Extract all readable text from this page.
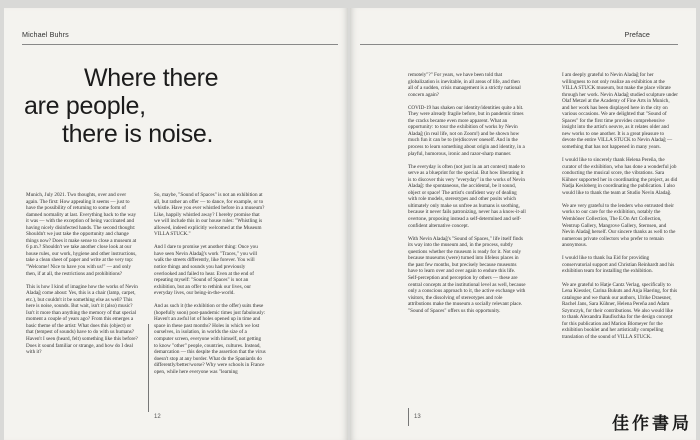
Michael Buhrs
Where there
are people,
there is noise.

Munich, July 2021. Two thoughts, over and over again. The first: How appealing it seems — just to have the possibility of returning to some form of damned normality at last. Everything back to the way it was — with the exception of being vaccinated and having nicely disinfected hands. The second thought: Shouldn't we just take the opportunity and change things now? Does it make sense to close a museum at 6 p.m.? Shouldn't we take another close look at our house rules, our work, hygiene and other instructions, take a clean sheet of paper and write at the very top: "Welcome! Nice to have you with us!" — and only then, if at all, the restrictions and prohibitions?

This is how I kind of imagine how the works of Nevin Aladağ come about: Yes, this is a chair (lamp, carpet, etc.), but couldn't it be something else as well? This here is noise, sounds. But wait, isn't it (also) music? Isn't it more than anything the memory of that special moment a couple of years ago? From this emerges a basic theme of the artist: What does this (object) or that (tempest of sounds) have to do with us humans? Haven't I seen (heard, felt) something like this before? Does it sound familiar or strange, and how do I deal with it?

So, maybe, "Sound of Spaces" is not an exhibition at all, but rather an offer — to dance, for example, or to whistle. Have you ever whistled before in a museum? Like, happily whistled away? I hereby promise that we will include this in our house rules: "Whistling is allowed, indeed explicitly welcomed at the Museum VILLA STUCK."

And I dare to promise yet another thing: Once you have seen Nevin Aladağ's work "Traces," you will walk the streets differently, like forever. You will notice things and sounds you had previously overlooked and failed to hear. Even at the end of repeating myself: "Sound of Spaces" is not an exhibition, but an offer to rethink our lives, our everyday lives, our being-in-the-world.

And as such it (the exhibition or the offer) suits these (hopefully soon) post-pandemic times just fabulously: Haven't an awful lot of holes opened up in time and space in these past months? Holes in which we lost ourselves, in isolation, in worlds the size of a computer screen, everyone with himself, not getting to know "other" people, countries, cultures. Instead, demarcation — this despite the assertion that the virus doesn't stop at any border. What do the Spaniards do differently/better/worse? Why were schools in France open, while here everyone was "learning

12
Preface

remotely"?" For years, we have been told that globalization is inevitable, in all areas of life, and then all of a sudden, crisis management is a strictly national concern again?

COVID-19 has shaken our identity/identities quite a bit. They were already fragile before, but in pandemic times the cracks became even more apparent. What an opportunity: to tour the exhibition of works by Nevin Aladağ (in real life, not on Zoom!) and be shown how much fun it can be to (re)discover oneself. And in the process to learn something about origin and identity, in a playful, humorous, ironic and razor-sharp manner.

The everyday is often (not just in an art context) made to serve as a blueprint for the special. But how liberating it is to discover this very "everyday" in the works of Nevin Aladağ: the spontaneous, the accidental, be it sound, object or space! The artist's confident way of dealing with role models, stereotypes and other posits which ultimately only make us unfree as humans is soothing, because it never fails patronizing, never has a know-it-all overtone, proposing instead a self-determined and self-confident alternative concept.

With Nevin Aladağ's "Sound of Spaces," life itself finds its way into the museum and, in the process, subtly questions whether the museum is ready for it. Not only because museums (were) turned into lifeless places in the past few months, but precisely because museums have to learn over and over again to endure this life. Self-perception and perception by others — these are central concepts at the institutional level as well, because only a conscious approach to it, the active exchange with visitors, the dissolving of stereotypes and role attributions make the museum a socially relevant place. "Sound of Spaces" offers us this opportunity.

I am deeply grateful to Nevin Aladağ for her willingness to not only realize an exhibition at the VILLA STUCK museum, but make the place vibrate through her work. Nevin Aladağ studied sculpture under Olaf Metzel at the Academy of Fine Arts in Munich, and her work has been displayed here in the city on various occasions. We are delighted that "Sound of Spaces" for the first time provides comprehensive insight into the artist's oeuvre, as it relates older and new works to one another. It is a great pleasure to devote the entire VILLA STUCK to Nevin Aladağ — something that has not happened in many years.

I would like to sincerely thank Helena Pereña, the curator of the exhibition, who has done a wonderful job conducting the musical score, the vibrations. Sara Kühner supported her in coordinating the project, as did Nadja Kesloberg in coordinating the publication. I also would like to thank the team at Studio Nevin Aladağ.

We are very grateful to the lenders who entrusted their works to our care for the exhibition, notably the Wemhöner Collection, The E.On Art Collection, Wentrup Gallery, Mangrove Gallery, Sternsen, and Nevin Aladağ herself. Our sincere thanks as well to the numerous private collectors who prefer to remain anonymous.

I would like to thank Isa Eid for providing conservatorial support and Christian Reinhardt and his exhibition team for installing the exhibition.

We are grateful to Hatje Cantz Verlag, specifically to Lena Kiessler, Carina Bukuts and Anja Haering, for this catalogue and we thank our authors, Ulrike Draesner, Rachel Jans, Sara Kühner, Helena Pereña and Adam Szymczyk, for their contributions. We also would like to thank Alexandra Baufischka for the design concept for this publication and Marion Blomeyer for the exhibition booklet and her artistically compelling translation of the sound of VILLA STUCK.

13	佳作書局
